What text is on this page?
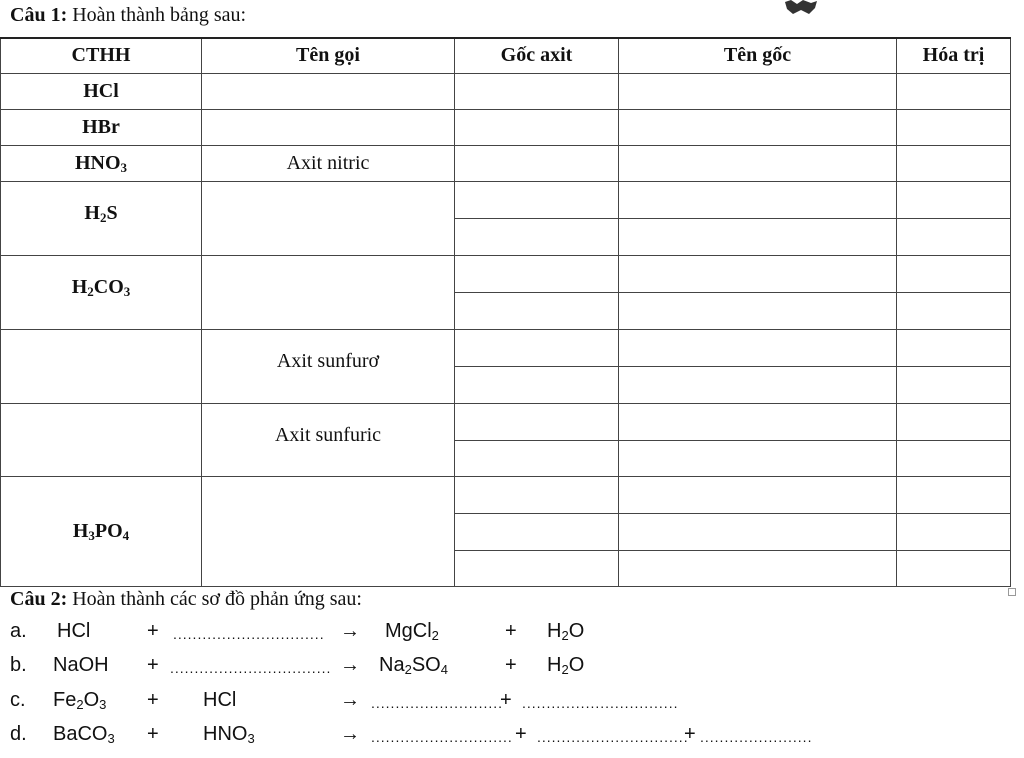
Câu 1: Hoàn thành bảng sau:
CTHH	Tên gọi	Gốc axit	Tên gốc	Hóa trị
HCl				
HBr				
$HNO_3$	Axit nitric			
$H_2S$				

$H_2CO_3$				

	Axit sunfurơ			

	Axit sunfuric			

$H_3PO_4$				

Câu 2: Hoàn thành các sơ đồ phản ứng sau:
a. HCl	+ ............................... → MgCl$_2$	+ $H_2O$
b. NaOH + ................................. → $Na_2SO_4$	+ $H_2O$
c. $Fe_2O_3$ + HCl	→ ...........................
+ ................................
d. BaCO$_3$ + $HNO_3$	→ ............................. + ...............................
+ .......................
